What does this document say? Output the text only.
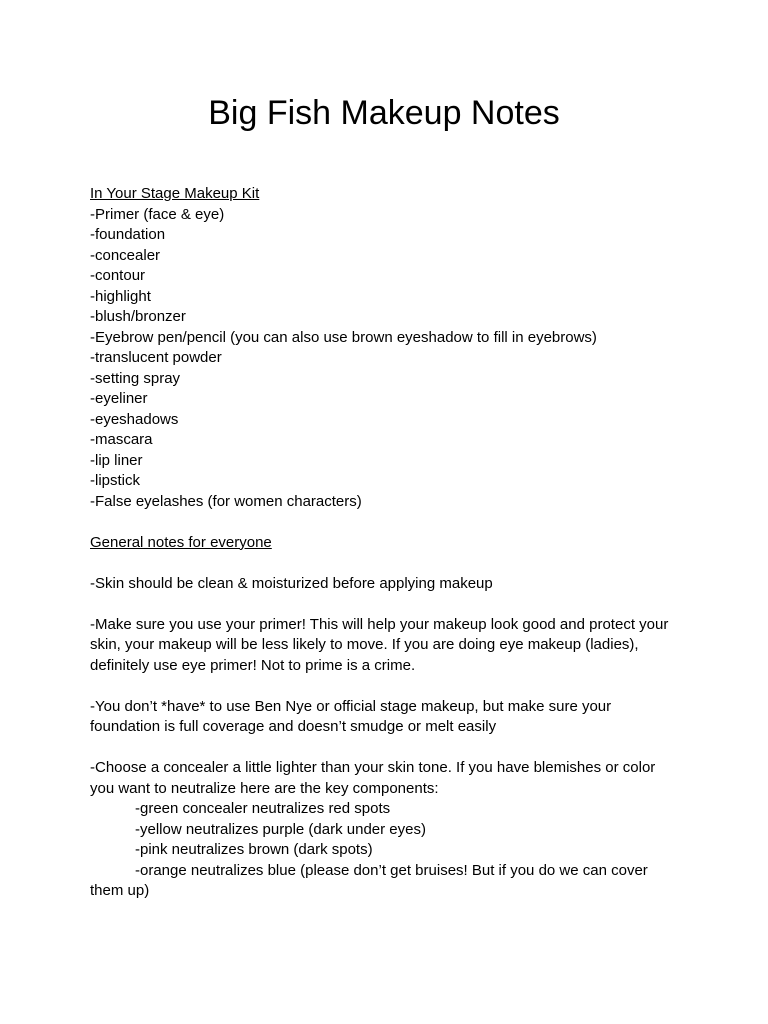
Big Fish Makeup Notes
In Your Stage Makeup Kit
-Primer (face & eye)
-foundation
-concealer
-contour
-highlight
-blush/bronzer
-Eyebrow pen/pencil (you can also use brown eyeshadow to fill in eyebrows)
-translucent powder
-setting spray
-eyeliner
-eyeshadows
-mascara
-lip liner
-lipstick
-False eyelashes (for women characters)
General notes for everyone
-Skin should be clean & moisturized before applying makeup
-Make sure you use your primer! This will help your makeup look good and protect your skin, your makeup will be less likely to move. If you are doing eye makeup (ladies), definitely use eye primer! Not to prime is a crime.
-You don’t *have* to use Ben Nye or official stage makeup, but make sure your foundation is full coverage and doesn’t smudge or melt easily
-Choose a concealer a little lighter than your skin tone. If you have blemishes or color you want to neutralize here are the key components:
-green concealer neutralizes red spots
-yellow neutralizes purple (dark under eyes)
-pink neutralizes brown (dark spots)
-orange neutralizes blue (please don’t get bruises! But if you do we can cover them up)
